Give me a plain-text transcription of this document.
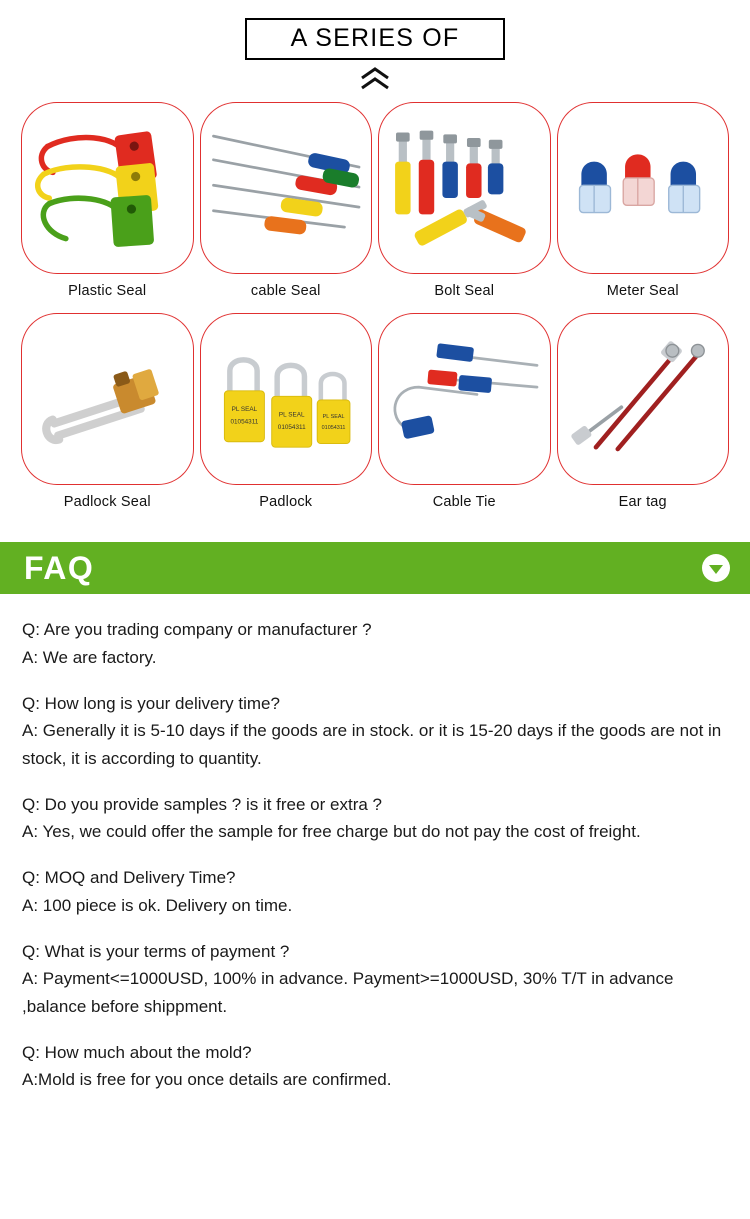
A SERIES OF
Plastic Seal	cable Seal	Bolt Seal	Meter Seal
Padlock Seal
PL SEAL
01054311
PL SEAL
01054311
PL SEAL
01054311
Padlock	Cable Tie	Ear tag
FAQ

Q: Are you trading company or manufacturer ?

A: We are factory.

Q: How long is your delivery time?

A: Generally it is 5-10 days if the goods are in stock. or it is 15-20 days if the goods are not in stock, it is according to quantity.

Q: Do you provide samples ? is it free or extra ?

A: Yes, we could offer the sample for free charge but do not pay the cost of freight.

Q: MOQ and Delivery Time?

A: 100 piece is ok. Delivery on time.

Q: What is your terms of payment ?

A: Payment<=1000USD, 100% in advance. Payment>=1000USD, 30% T/T in advance ,balance before shippment.

Q: How much about the mold?

A:Mold is free for you once details are confirmed.
